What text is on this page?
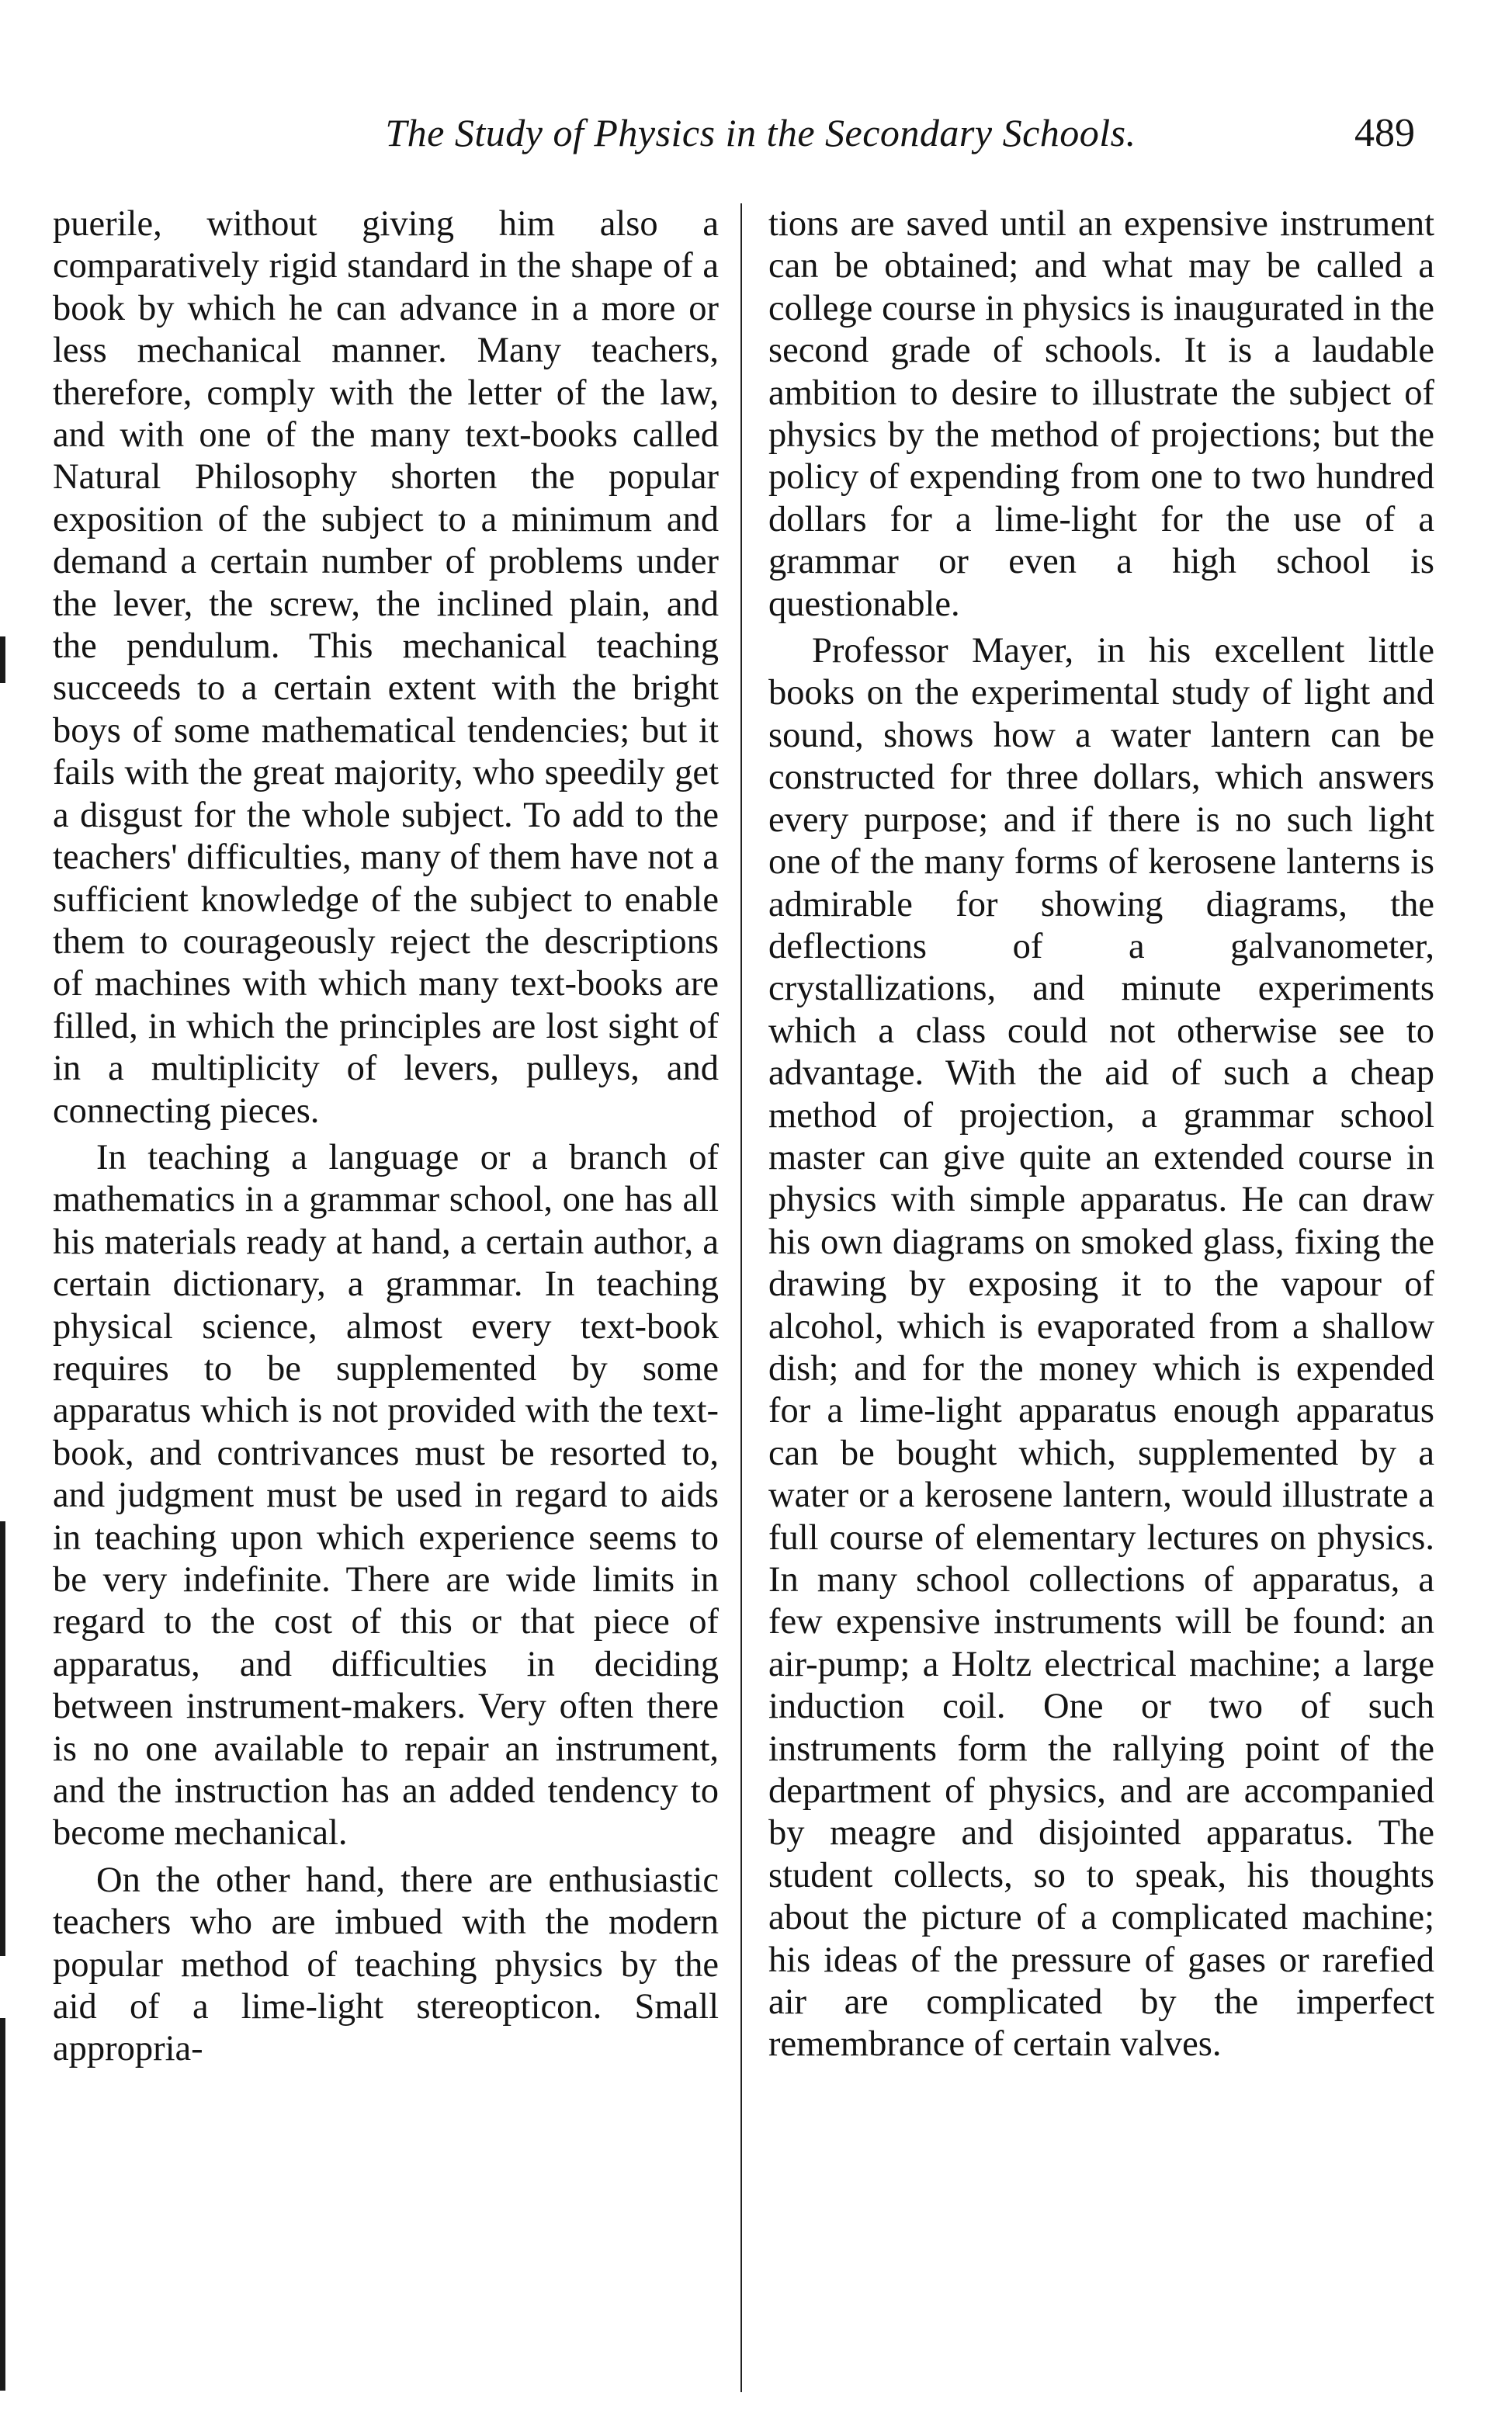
The Study of Physics in the Secondary Schools.	489

puerile, without giving him also a comparatively rigid standard in the shape of a book by which he can advance in a more or less mechanical manner. Many teachers, therefore, comply with the letter of the law, and with one of the many text-books called Natural Philosophy shorten the popular exposition of the subject to a minimum and demand a certain number of problems under the lever, the screw, the inclined plain, and the pendulum. This mechanical teaching succeeds to a certain extent with the bright boys of some mathematical tendencies; but it fails with the great majority, who speedily get a disgust for the whole subject. To add to the teachers' difficulties, many of them have not a sufficient knowledge of the subject to enable them to courageously reject the descriptions of machines with which many text-books are filled, in which the principles are lost sight of in a multiplicity of levers, pulleys, and connecting pieces.

In teaching a language or a branch of mathematics in a grammar school, one has all his materials ready at hand, a certain author, a certain dictionary, a grammar. In teaching physical science, almost every text-book requires to be supplemented by some apparatus which is not provided with the text-book, and contrivances must be resorted to, and judgment must be used in regard to aids in teaching upon which experience seems to be very indefinite. There are wide limits in regard to the cost of this or that piece of apparatus, and difficulties in deciding between instrument-makers. Very often there is no one available to repair an instrument, and the instruction has an added tendency to become mechanical.

On the other hand, there are enthusiastic teachers who are imbued with the modern popular method of teaching physics by the aid of a lime-light stereopticon. Small appropria-

tions are saved until an expensive instrument can be obtained; and what may be called a college course in physics is inaugurated in the second grade of schools. It is a laudable ambition to desire to illustrate the subject of physics by the method of projections; but the policy of expending from one to two hundred dollars for a lime-light for the use of a grammar or even a high school is questionable.

Professor Mayer, in his excellent little books on the experimental study of light and sound, shows how a water lantern can be constructed for three dollars, which answers every purpose; and if there is no such light one of the many forms of kerosene lanterns is admirable for showing diagrams, the deflections of a galvanometer, crystallizations, and minute experiments which a class could not otherwise see to advantage. With the aid of such a cheap method of projection, a grammar school master can give quite an extended course in physics with simple apparatus. He can draw his own diagrams on smoked glass, fixing the drawing by exposing it to the vapour of alcohol, which is evaporated from a shallow dish; and for the money which is expended for a lime-light apparatus enough apparatus can be bought which, supplemented by a water or a kerosene lantern, would illustrate a full course of elementary lectures on physics. In many school collections of apparatus, a few expensive instruments will be found: an air-pump; a Holtz electrical machine; a large induction coil. One or two of such instruments form the rallying point of the department of physics, and are accompanied by meagre and disjointed apparatus. The student collects, so to speak, his thoughts about the picture of a complicated machine; his ideas of the pressure of gases or rarefied air are complicated by the imperfect remembrance of certain valves.
